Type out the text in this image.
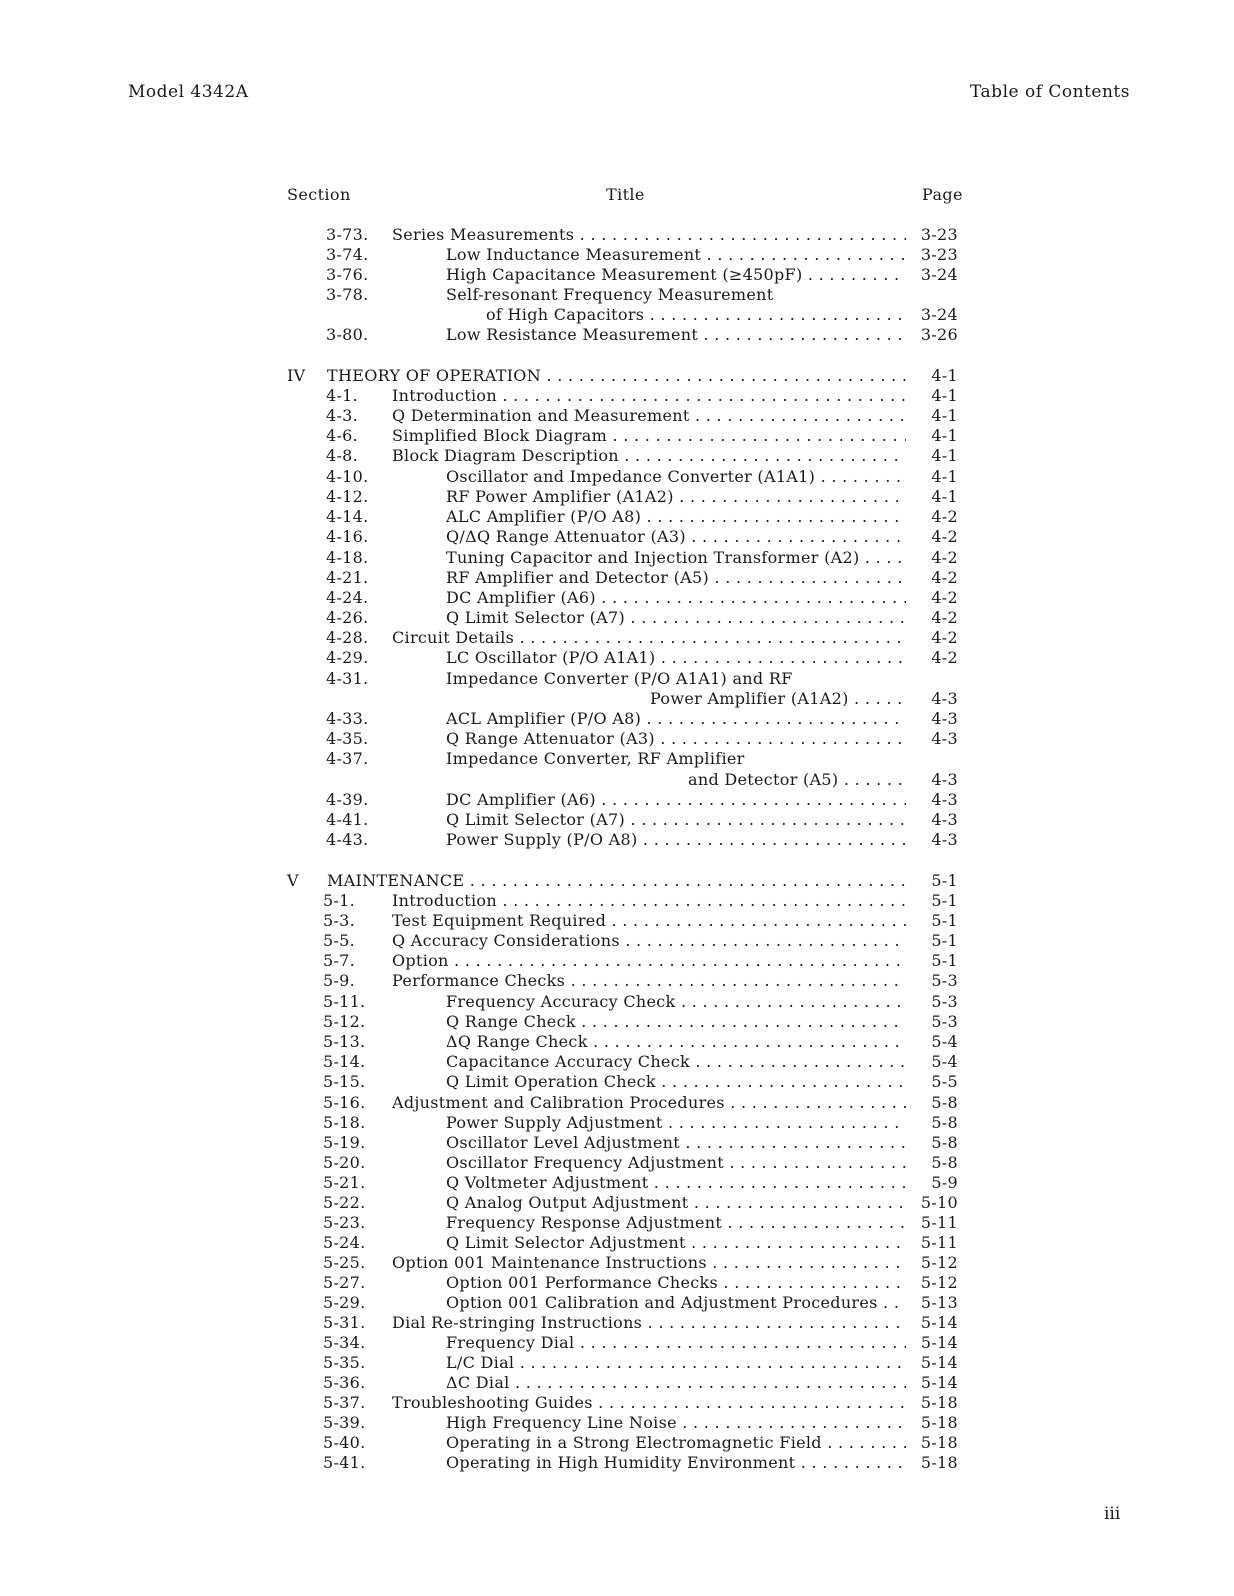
Model 4342A	Table of Contents
Section	Title	Page
3-73. Series Measurements . . .	3-23
3-74.	Low Inductance Measurement . . .	3-23
3-76.	High Capacitance Measurement (≥450pF) . . .	3-24
3-78.	Self-resonant Frequency Measurement
of High Capacitors . . .	3-24
3-80.	Low Resistance Measurement . . .	3-26
IV THEORY OF OPERATION . . .	4-1
4-1. Introduction . . .	4-1
4-3. Q Determination and Measurement . . .	4-1
4-6. Simplified Block Diagram . . .	4-1
4-8. Block Diagram Description . . .	4-1
4-10.	Oscillator and Impedance Converter (A1A1) . . .	4-1
4-12.	RF Power Amplifier (A1A2) . . .	4-1
4-14.	ALC Amplifier (P/O A8) . . .	4-2
4-16.	Q/ΔQ Range Attenuator (A3) . . .	4-2
4-18.	Tuning Capacitor and Injection Transformer (A2) . . .	4-2
4-21.	RF Amplifier and Detector (A5) . . .	4-2
4-24.	DC Amplifier (A6) . . .	4-2
4-26.	Q Limit Selector (A7) . . .	4-2
4-28. Circuit Details . . .	4-2
4-29.	LC Oscillator (P/O A1A1) . . .	4-2
4-31.	Impedance Converter (P/O A1A1) and RF
Power Amplifier (A1A2) . . .	4-3
4-33.	ACL Amplifier (P/O A8) . . .	4-3
4-35.	Q Range Attenuator (A3) . . .	4-3
4-37.	Impedance Converter, RF Amplifier
and Detector (A5) . . .	4-3
4-39.	DC Amplifier (A6) . . .	4-3
4-41.	Q Limit Selector (A7) . . .	4-3
4-43.	Power Supply (P/O A8) . . .	4-3
V MAINTENANCE . . .	5-1
5-1. Introduction . . .	5-1
5-3. Test Equipment Required . . .	5-1
5-5. Q Accuracy Considerations . . .	5-1
5-7. Option . . .	5-1
5-9. Performance Checks . . .	5-3
5-11.	Frequency Accuracy Check . . .	5-3
5-12.	Q Range Check . . .	5-3
5-13.	ΔQ Range Check . . .	5-4
5-14.	Capacitance Accuracy Check . . .	5-4
5-15.	Q Limit Operation Check . . .	5-5
5-16. Adjustment and Calibration Procedures . . .	5-8
5-18.	Power Supply Adjustment . . .	5-8
5-19.	Oscillator Level Adjustment . . .	5-8
5-20.	Oscillator Frequency Adjustment . . .	5-8
5-21.	Q Voltmeter Adjustment . . .	5-9
5-22.	Q Analog Output Adjustment . . .	5-10
5-23.	Frequency Response Adjustment . . .	5-11
5-24.	Q Limit Selector Adjustment . . .	5-11
5-25. Option 001 Maintenance Instructions . . .	5-12
5-27.	Option 001 Performance Checks . . .	5-12
5-29.	Option 001 Calibration and Adjustment Procedures . . .	5-13
5-31. Dial Re-stringing Instructions . . .	5-14
5-34.	Frequency Dial . . .	5-14
5-35.	L/C Dial . . .	5-14
5-36.	ΔC Dial . . .	5-14
5-37. Troubleshooting Guides . . .	5-18
5-39.	High Frequency Line Noise . . .	5-18
5-40.	Operating in a Strong Electromagnetic Field . . .	5-18
5-41.	Operating in High Humidity Environment . . .	5-18
iii
